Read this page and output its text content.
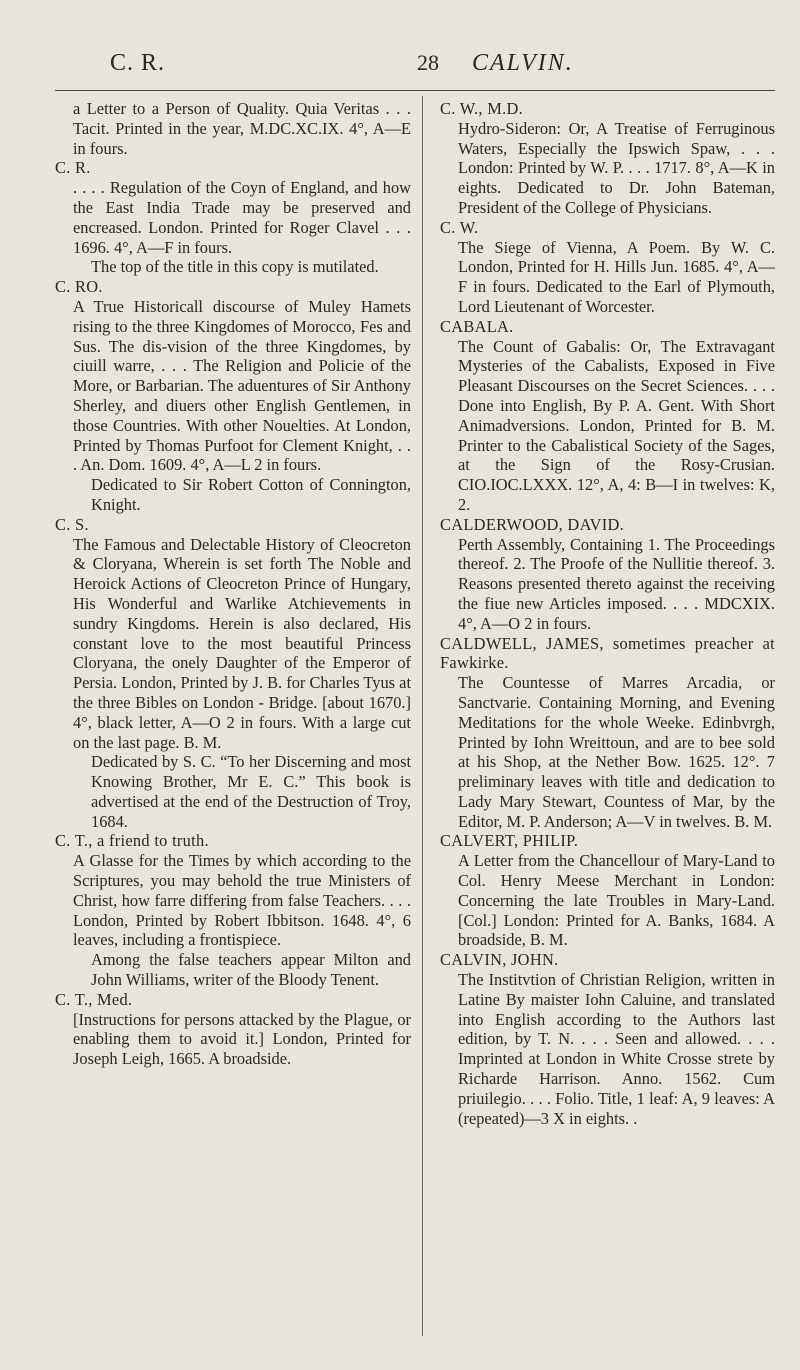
C. R.	28 CALVIN.

a Letter to a Person of Quality. Quia Veritas . . . Tacit. Printed in the year, M.DC.XC.IX. 4°, A—E in fours.

C. R.

. . . . Regulation of the Coyn of England, and how the East India Trade may be preserved and encreased. London. Printed for Roger Clavel . . . 1696. 4°, A—F in fours.

The top of the title in this copy is mutilated.

C. RO.

A True Historicall discourse of Muley Hamets rising to the three Kingdomes of Morocco, Fes and Sus. The dis-vision of the three Kingdomes, by ciuill warre, . . . The Religion and Policie of the More, or Barbarian. The aduentures of Sir Anthony Sherley, and diuers other English Gentlemen, in those Countries. With other Nouelties. At London, Printed by Thomas Purfoot for Clement Knight, . . . An. Dom. 1609. 4°, A—L 2 in fours.

Dedicated to Sir Robert Cotton of Connington, Knight.

C. S.

The Famous and Delectable History of Cleocreton & Cloryana, Wherein is set forth The Noble and Heroick Actions of Cleocreton Prince of Hungary, His Wonderful and Warlike Atchievements in sundry Kingdoms. Herein is also declared, His constant love to the most beautiful Princess Cloryana, the onely Daughter of the Emperor of Persia. London, Printed by J. B. for Charles Tyus at the three Bibles on London - Bridge. [about 1670.] 4°, black letter, A—O 2 in fours. With a large cut on the last page. B. M.

Dedicated by S. C. “To her Discerning and most Knowing Brother, Mr E. C.” This book is advertised at the end of the Destruction of Troy, 1684.

C. T., a friend to truth.

A Glasse for the Times by which according to the Scriptures, you may behold the true Ministers of Christ, how farre differing from false Teachers. . . . London, Printed by Robert Ibbitson. 1648. 4°, 6 leaves, including a frontispiece.

Among the false teachers appear Milton and John Williams, writer of the Bloody Tenent.

C. T., Med.

[Instructions for persons attacked by the Plague, or enabling them to avoid it.] London, Printed for Joseph Leigh, 1665. A broadside.

C. W., M.D.

Hydro-Sideron: Or, A Treatise of Ferruginous Waters, Especially the Ipswich Spaw, . . . London: Printed by W. P. . . . 1717. 8°, A—K in eights. Dedicated to Dr. John Bateman, President of the College of Physicians.

C. W.

The Siege of Vienna, A Poem. By W. C. London, Printed for H. Hills Jun. 1685. 4°, A—F in fours. Dedicated to the Earl of Plymouth, Lord Lieutenant of Worcester.

CABALA.

The Count of Gabalis: Or, The Extravagant Mysteries of the Cabalists, Exposed in Five Pleasant Discourses on the Secret Sciences. . . . Done into English, By P. A. Gent. With Short Animadversions. London, Printed for B. M. Printer to the Cabalistical Society of the Sages, at the Sign of the Rosy-Crusian. CIO.IOC.LXXX. 12°, A, 4: B—I in twelves: K, 2.

CALDERWOOD, DAVID.

Perth Assembly, Containing 1. The Proceedings thereof. 2. The Proofe of the Nullitie thereof. 3. Reasons presented thereto against the receiving the fiue new Articles imposed. . . . MDCXIX. 4°, A—O 2 in fours.

CALDWELL, JAMES, sometimes preacher at Fawkirke.

The Countesse of Marres Arcadia, or Sanctvarie. Containing Morning, and Evening Meditations for the whole Weeke. Edinbvrgh, Printed by Iohn Wreittoun, and are to bee sold at his Shop, at the Nether Bow. 1625. 12°. 7 preliminary leaves with title and dedication to Lady Mary Stewart, Countess of Mar, by the Editor, M. P. Anderson; A—V in twelves. B. M.

CALVERT, PHILIP.

A Letter from the Chancellour of Mary-Land to Col. Henry Meese Merchant in London: Concerning the late Troubles in Mary-Land. [Col.] London: Printed for A. Banks, 1684. A broadside, B. M.

CALVIN, JOHN.

The Institvtion of Christian Religion, written in Latine By maister Iohn Caluine, and translated into English according to the Authors last edition, by T. N. . . . Seen and allowed. . . . Imprinted at London in White Crosse strete by Richarde Harrison. Anno. 1562. Cum priuilegio. . . . Folio. Title, 1 leaf: A, 9 leaves: A (repeated)—3 X in eights. .
